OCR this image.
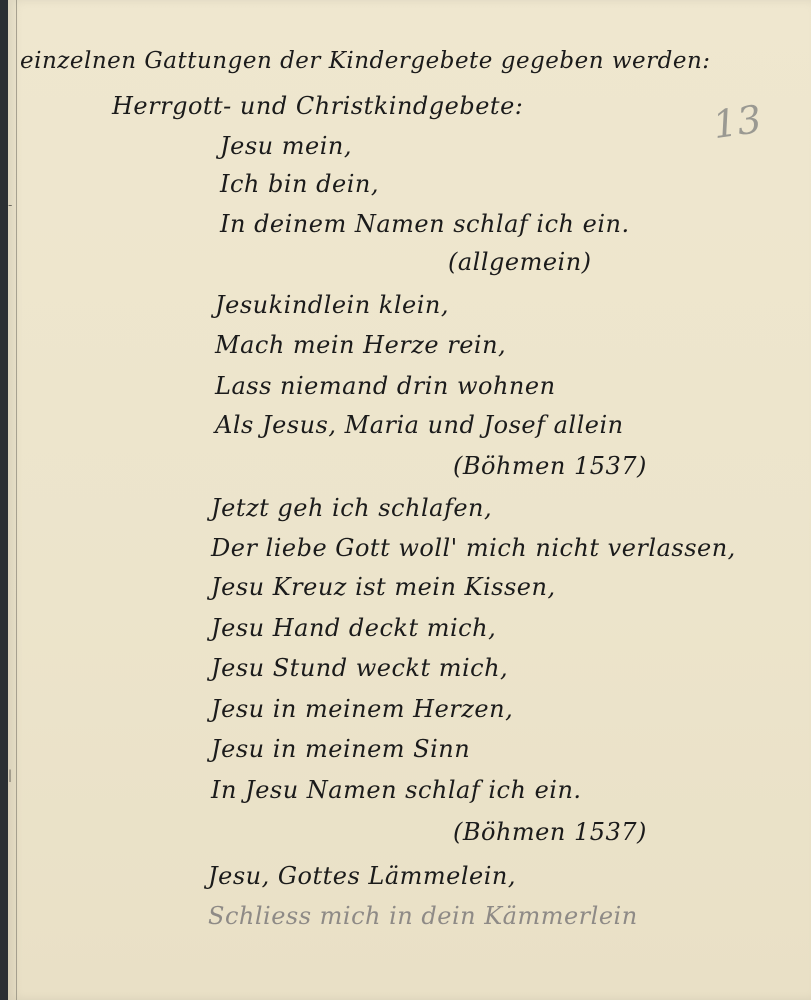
-
|
13
einzelnen Gattungen der Kindergebete gegeben werden:
Herrgott- und Christkindgebete:
Jesu mein,
Ich bin dein,
In deinem Namen schlaf ich ein.
(allgemein)
Jesukindlein klein,
Mach mein Herze rein,
Lass niemand drin wohnen
Als Jesus, Maria und Josef allein
(Böhmen 1537)
Jetzt geh ich schlafen,
Der liebe Gott woll' mich nicht verlassen,
Jesu Kreuz ist mein Kissen,
Jesu Hand deckt mich,
Jesu Stund weckt mich,
Jesu in meinem Herzen,
Jesu in meinem Sinn
In Jesu Namen schlaf ich ein.
(Böhmen 1537)
Jesu, Gottes Lämmelein,
Schliess mich in dein Kämmerlein
